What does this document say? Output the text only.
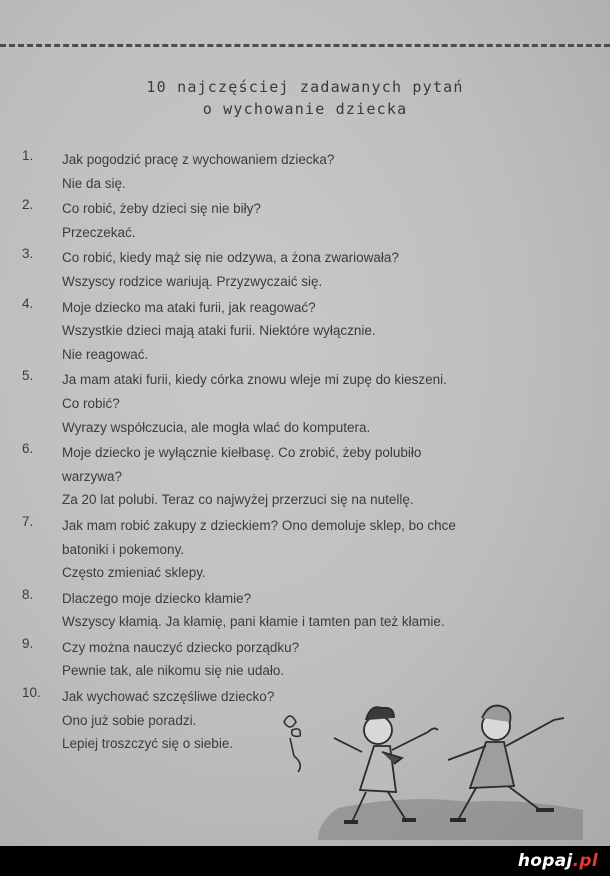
10 najczęściej zadawanych pytań
o wychowanie dziecka
1.	Jak pogodzić pracę z wychowaniem dziecka?
Nie da się.
2.	Co robić, żeby dzieci się nie biły?
Przeczekać.
3.	Co robić, kiedy mąż się nie odzywa, a żona zwariowała?
Wszyscy rodzice wariują. Przyzwyczaić się.
4.	Moje dziecko ma ataki furii, jak reagować?
Wszystkie dzieci mają ataki furii. Niektóre wyłącznie.
Nie reagować.
5.	Ja mam ataki furii, kiedy córka znowu wleje mi zupę do kieszeni.
Co robić?
Wyrazy współczucia, ale mogła wlać do komputera.
6.	Moje dziecko je wyłącznie kiełbasę. Co zrobić, żeby polubiło
warzywa?
Za 20 lat polubi. Teraz co najwyżej przerzuci się na nutellę.
7.	Jak mam robić zakupy z dzieckiem? Ono demoluje sklep, bo chce
batoniki i pokemony.
Często zmieniać sklepy.
8.	Dlaczego moje dziecko kłamie?
Wszyscy kłamią. Ja kłamię, pani kłamie i tamten pan też kłamie.
9.	Czy można nauczyć dziecko porządku?
Pewnie tak, ale nikomu się nie udało.
10.	Jak wychować szczęśliwe dziecko?
Ono już sobie poradzi.
Lepiej troszczyć się o siebie.
hopaj.pl
